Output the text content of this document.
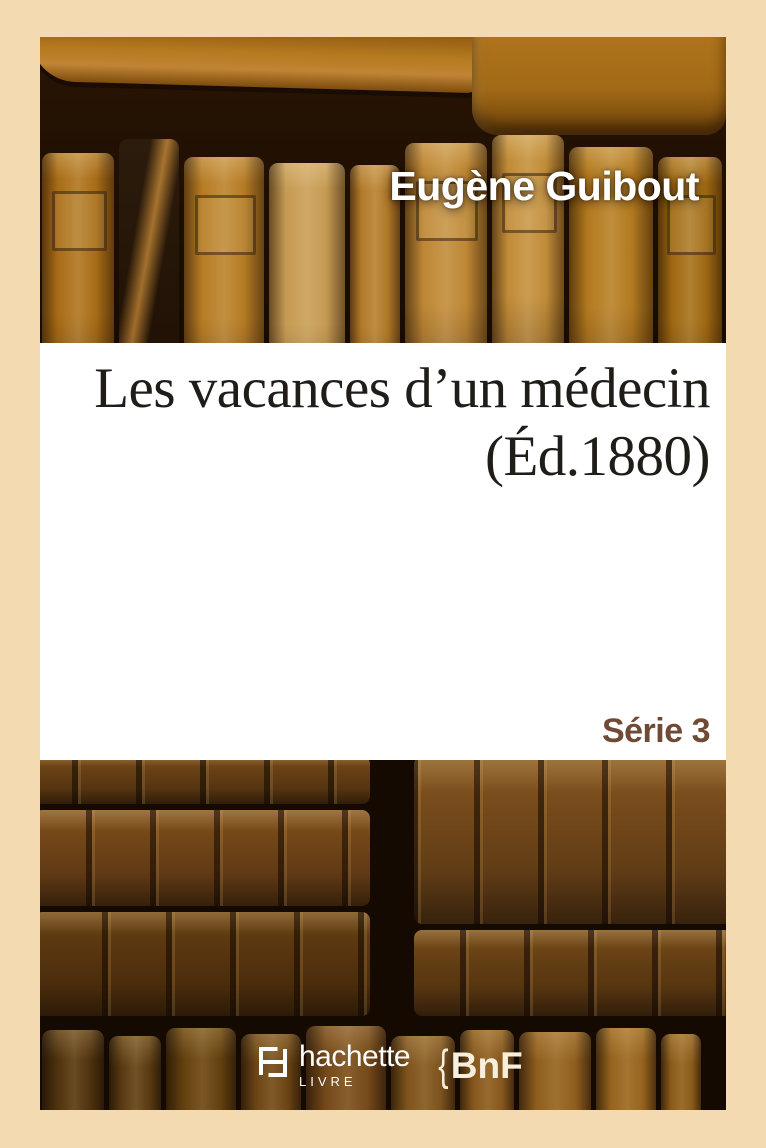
Eugène Guibout
Les vacances d’un médecin
(Éd.1880)
Série 3
hachette
LIVRE	{ BnF
